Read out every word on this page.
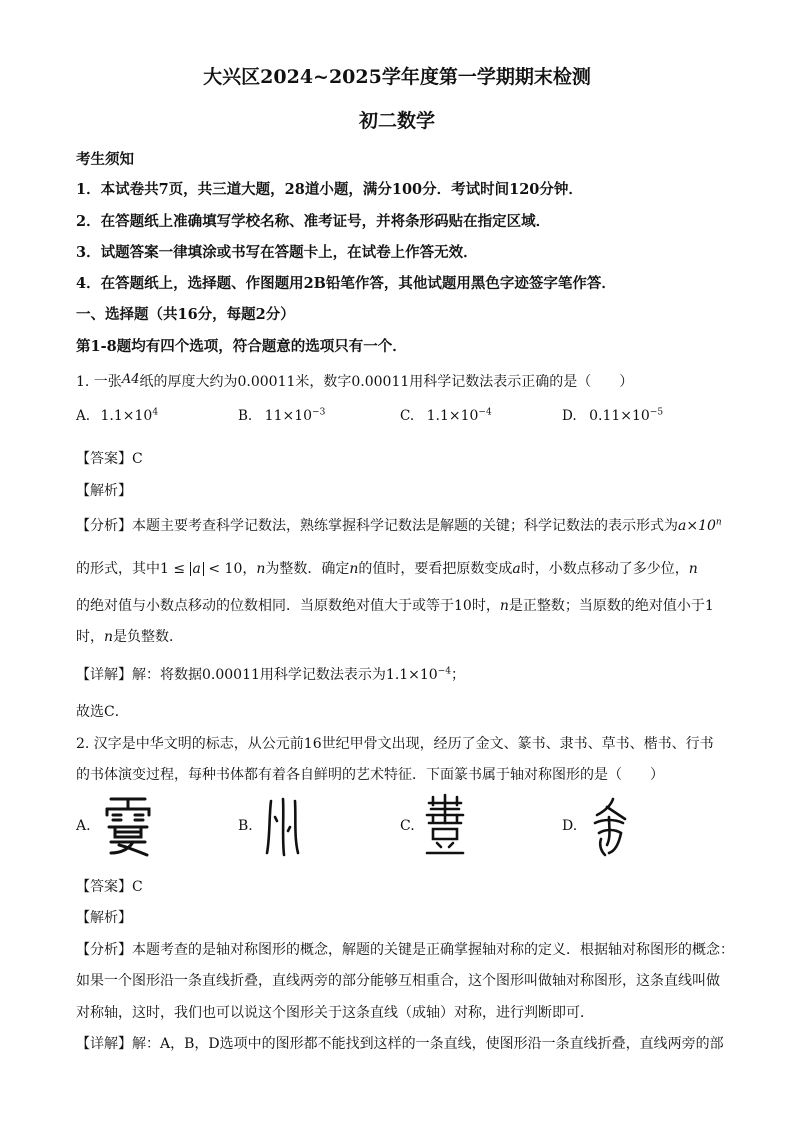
大兴区2024~2025学年度第一学期期末检测
初二数学
考生须知
1．本试卷共7页，共三道大题，28道小题，满分100分．考试时间120分钟．
2．在答题纸上准确填写学校名称、准考证号，并将条形码贴在指定区域．
3．试题答案一律填涂或书写在答题卡上，在试卷上作答无效．
4．在答题纸上，选择题、作图题用2B铅笔作答，其他试题用黑色字迹签字笔作答．
一、选择题（共16分，每题2分）
第1-8题均有四个选项，符合题意的选项只有一个．
1. 一张A4纸的厚度大约为0.00011米，数字0.00011用科学记数法表示正确的是（　　）
A. $1.1\times 10^4$	B. $11\times 10^{-3}$	C. $1.1\times 10^{-4}$	D. $0.11\times 10^{-5}$
【答案】C
【解析】
【分析】本题主要考查科学记数法，熟练掌握科学记数法是解题的关键；科学记数法的表示形式为$a\times 10^n$
的形式，其中1 ≤ a < 10，n为整数．确定n的值时，要看把原数变成a时，小数点移动了多少位，n
的绝对值与小数点移动的位数相同．当原数绝对值大于或等于10时，n是正整数；当原数的绝对值小于1
时，n是负整数．
【详解】解：将数据0.00011用科学记数法表示为$1.1\times 10^{-4}$；
故选C．
2. 汉字是中华文明的标志，从公元前16世纪甲骨文出现，经历了金文、篆书、隶书、草书、楷书、行书
的书体演变过程，每种书体都有着各自鲜明的艺术特征．下面篆书属于轴对称图形的是（　　）
A.	B.	C.	D.
【答案】C
【解析】
【分析】本题考查的是轴对称图形的概念，解题的关键是正确掌握轴对称的定义．根据轴对称图形的概念：
如果一个图形沿一条直线折叠，直线两旁的部分能够互相重合，这个图形叫做轴对称图形，这条直线叫做
对称轴，这时，我们也可以说这个图形关于这条直线（成轴）对称，进行判断即可．
【详解】解：A，B，D选项中的图形都不能找到这样的一条直线，使图形沿一条直线折叠，直线两旁的部
